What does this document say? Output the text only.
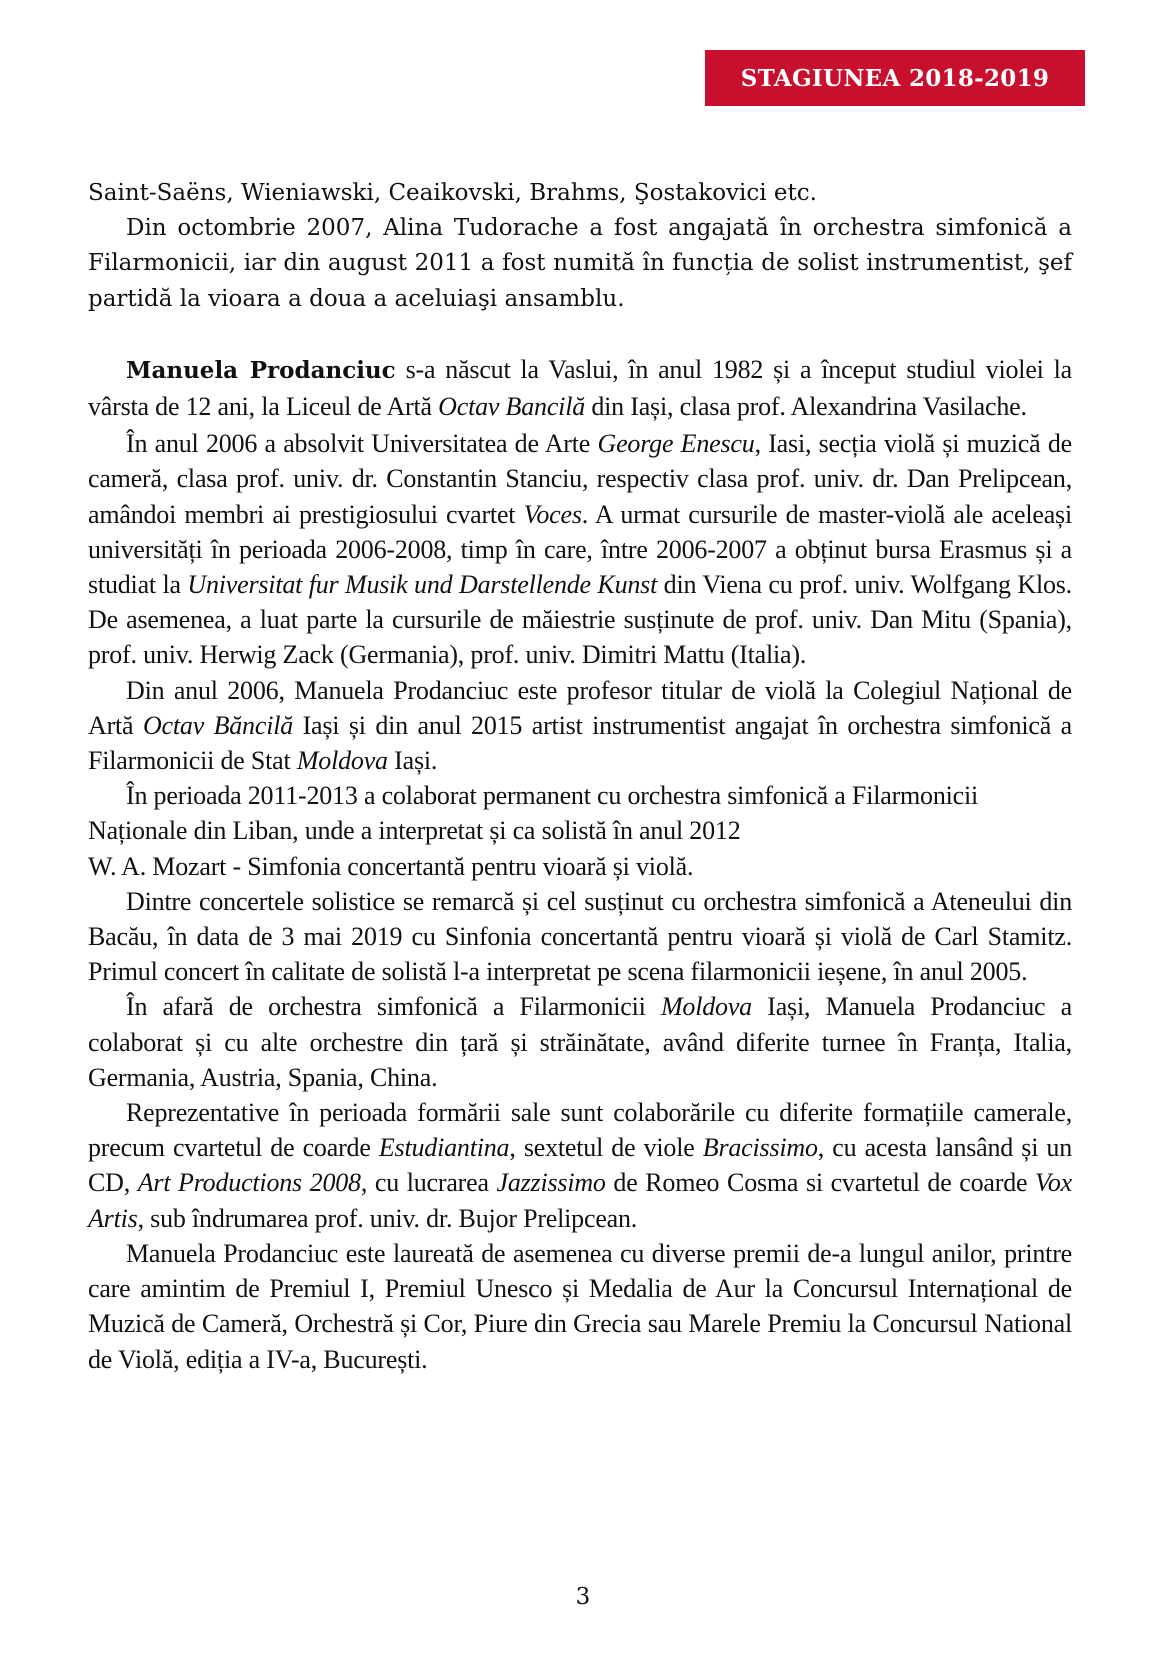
STAGIUNEA 2018-2019

Saint-Saëns, Wieniawski, Ceaikovski, Brahms, Şostakovici etc.

Din octombrie 2007, Alina Tudorache a fost angajată în orchestra simfonică a Filarmonicii, iar din august 2011 a fost numită în funcția de solist instrumentist, şef partidă la vioara a doua a aceluiaşi ansamblu.

Manuela Prodanciuc s-a născut la Vaslui, în anul 1982 și a început studiul violei la vârsta de 12 ani, la Liceul de Artă Octav Bancilă din Iași, clasa prof. Alexandrina Vasilache.

În anul 2006 a absolvit Universitatea de Arte George Enescu, Iasi, secția violă și muzică de cameră, clasa prof. univ. dr. Constantin Stanciu, respectiv clasa prof. univ. dr. Dan Prelipcean, amândoi membri ai prestigiosului cvartet Voces. A urmat cursurile de master-violă ale aceleași universități în perioada 2006-2008, timp în care, între 2006-2007 a obținut bursa Erasmus și a studiat la Universitat fur Musik und Darstellende Kunst din Viena cu prof. univ. Wolfgang Klos. De asemenea, a luat parte la cursurile de măiestrie susținute de prof. univ. Dan Mitu (Spania), prof. univ. Herwig Zack (Germania), prof. univ. Dimitri Mattu (Italia).

Din anul 2006, Manuela Prodanciuc este profesor titular de violă la Colegiul Național de Artă Octav Băncilă Iași și din anul 2015 artist instrumentist angajat în orchestra simfonică a Filarmonicii de Stat Moldova Iași.

În perioada 2011-2013 a colaborat permanent cu orchestra simfonică a Filarmonicii Naționale din Liban, unde a interpretat și ca solistă în anul 2012
W. A. Mozart - Simfonia concertantă pentru vioară și violă.

Dintre concertele solistice se remarcă și cel susținut cu orchestra simfonică a Ateneului din Bacău, în data de 3 mai 2019 cu Sinfonia concertantă pentru vioară și violă de Carl Stamitz. Primul concert în calitate de solistă l-a interpretat pe scena filarmonicii ieșene, în anul 2005.

În afară de orchestra simfonică a Filarmonicii Moldova Iași, Manuela Prodanciuc a colaborat și cu alte orchestre din țară și străinătate, având diferite turnee în Franța, Italia, Germania, Austria, Spania, China.

Reprezentative în perioada formării sale sunt colaborările cu diferite formațiile camerale, precum cvartetul de coarde Estudiantina, sextetul de viole Bracissimo, cu acesta lansând și un CD, Art Productions 2008, cu lucrarea Jazzissimo de Romeo Cosma si cvartetul de coarde Vox Artis, sub îndrumarea prof. univ. dr. Bujor Prelipcean.

Manuela Prodanciuc este laureată de asemenea cu diverse premii de-a lungul anilor, printre care amintim de Premiul I, Premiul Unesco și Medalia de Aur la Concursul Internațional de Muzică de Cameră, Orchestră și Cor, Piure din Grecia sau Marele Premiu la Concursul National de Violă, ediția a IV-a, București.

3
